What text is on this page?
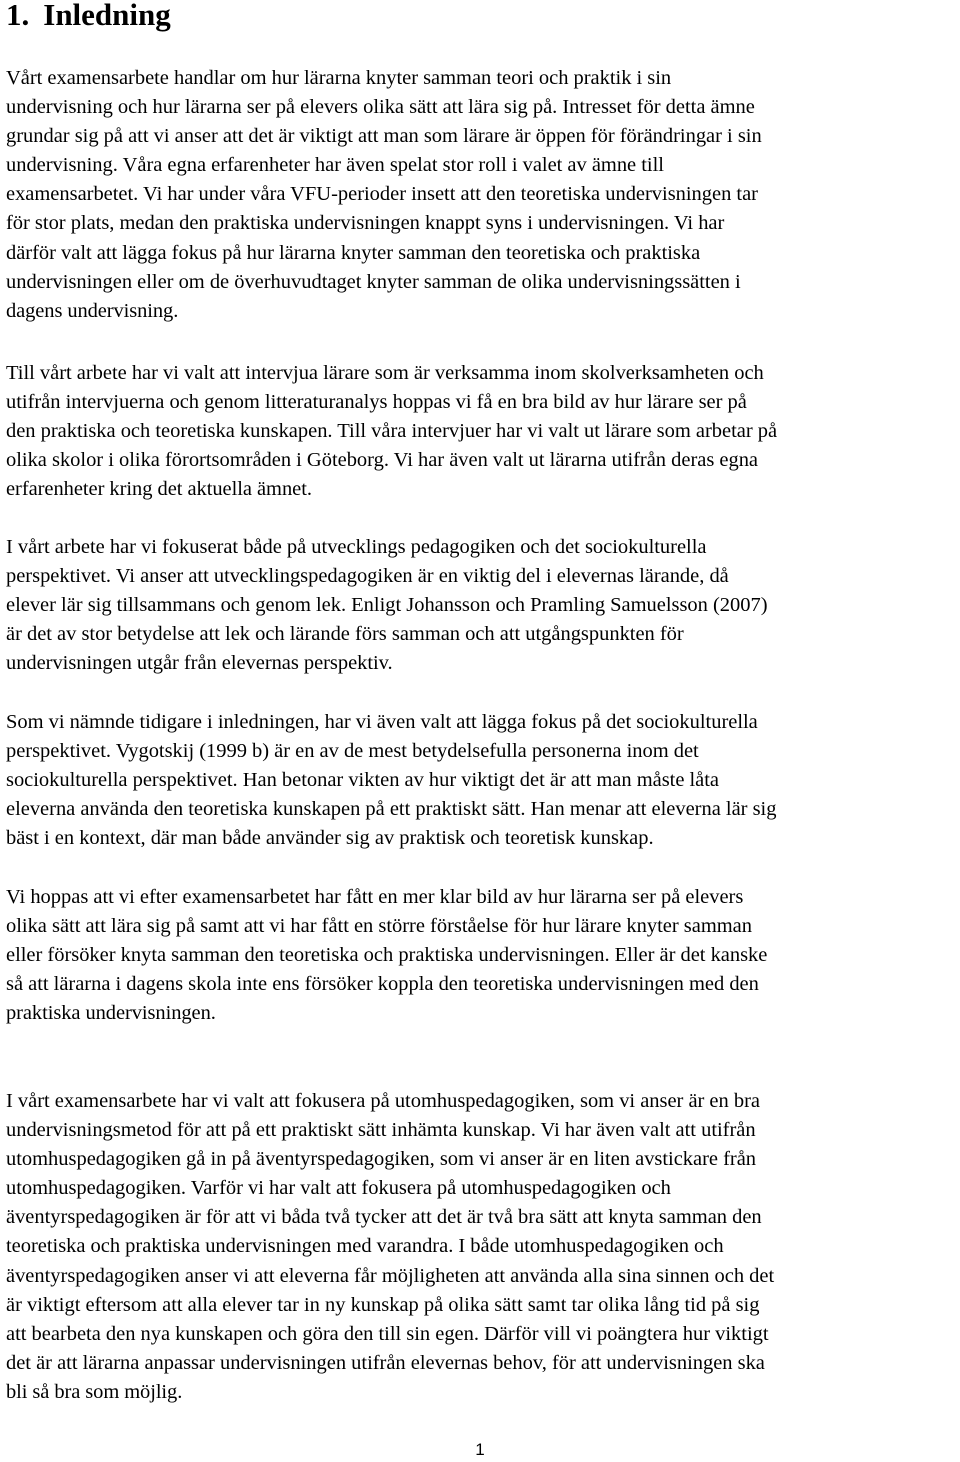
1. Inledning

Vårt examensarbete handlar om hur lärarna knyter samman teori och praktik i sin
undervisning och hur lärarna ser på elevers olika sätt att lära sig på. Intresset för detta ämne
grundar sig på att vi anser att det är viktigt att man som lärare är öppen för förändringar i sin
undervisning. Våra egna erfarenheter har även spelat stor roll i valet av ämne till
examensarbetet. Vi har under våra VFU-perioder insett att den teoretiska undervisningen tar
för stor plats, medan den praktiska undervisningen knappt syns i undervisningen. Vi har
därför valt att lägga fokus på hur lärarna knyter samman den teoretiska och praktiska
undervisningen eller om de överhuvudtaget knyter samman de olika undervisningssätten i
dagens undervisning.

Till vårt arbete har vi valt att intervjua lärare som är verksamma inom skolverksamheten och
utifrån intervjuerna och genom litteraturanalys hoppas vi få en bra bild av hur lärare ser på
den praktiska och teoretiska kunskapen. Till våra intervjuer har vi valt ut lärare som arbetar på
olika skolor i olika förortsområden i Göteborg. Vi har även valt ut lärarna utifrån deras egna
erfarenheter kring det aktuella ämnet.

I vårt arbete har vi fokuserat både på utvecklings pedagogiken och det sociokulturella
perspektivet. Vi anser att utvecklingspedagogiken är en viktig del i elevernas lärande, då
elever lär sig tillsammans och genom lek. Enligt Johansson och Pramling Samuelsson (2007)
är det av stor betydelse att lek och lärande förs samman och att utgångspunkten för
undervisningen utgår från elevernas perspektiv.

Som vi nämnde tidigare i inledningen, har vi även valt att lägga fokus på det sociokulturella
perspektivet. Vygotskij (1999 b) är en av de mest betydelsefulla personerna inom det
sociokulturella perspektivet. Han betonar vikten av hur viktigt det är att man måste låta
eleverna använda den teoretiska kunskapen på ett praktiskt sätt. Han menar att eleverna lär sig
bäst i en kontext, där man både använder sig av praktisk och teoretisk kunskap.

Vi hoppas att vi efter examensarbetet har fått en mer klar bild av hur lärarna ser på elevers
olika sätt att lära sig på samt att vi har fått en större förståelse för hur lärare knyter samman
eller försöker knyta samman den teoretiska och praktiska undervisningen. Eller är det kanske
så att lärarna i dagens skola inte ens försöker koppla den teoretiska undervisningen med den
praktiska undervisningen.

I vårt examensarbete har vi valt att fokusera på utomhuspedagogiken, som vi anser är en bra
undervisningsmetod för att på ett praktiskt sätt inhämta kunskap. Vi har även valt att utifrån
utomhuspedagogiken gå in på äventyrspedagogiken, som vi anser är en liten avstickare från
utomhuspedagogiken. Varför vi har valt att fokusera på utomhuspedagogiken och
äventyrspedagogiken är för att vi båda två tycker att det är två bra sätt att knyta samman den
teoretiska och praktiska undervisningen med varandra. I både utomhuspedagogiken och
äventyrspedagogiken anser vi att eleverna får möjligheten att använda alla sina sinnen och det
är viktigt eftersom att alla elever tar in ny kunskap på olika sätt samt tar olika lång tid på sig
att bearbeta den nya kunskapen och göra den till sin egen. Därför vill vi poängtera hur viktigt
det är att lärarna anpassar undervisningen utifrån elevernas behov, för att undervisningen ska
bli så bra som möjlig.

1
